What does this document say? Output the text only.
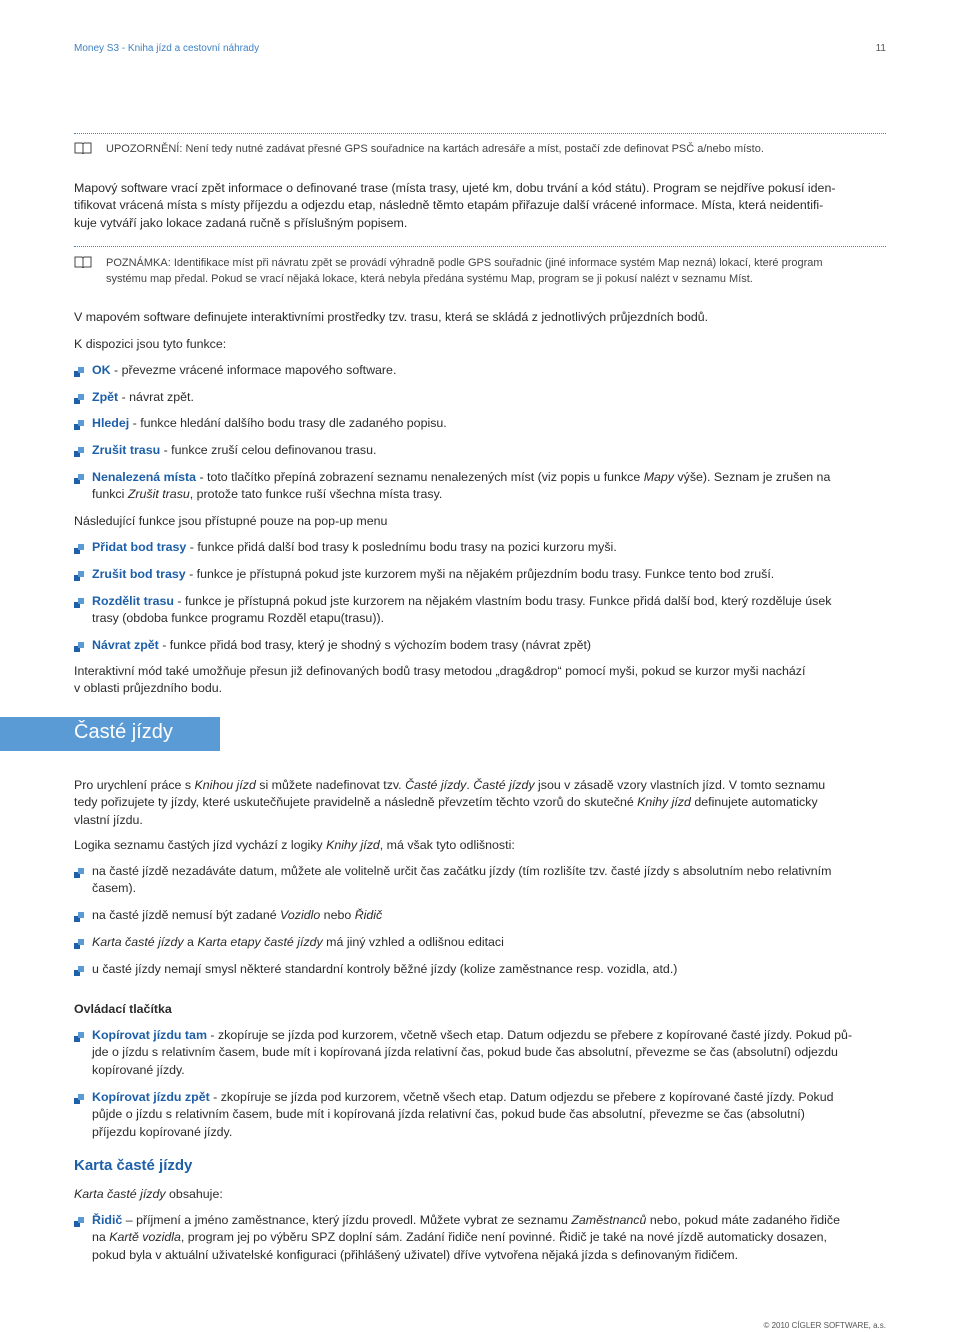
Money S3 - Kniha jízd a cestovní náhrady	11
UPOZORNĚNÍ: Není tedy nutné zadávat přesné GPS souřadnice na kartách adresáře a míst, postačí zde definovat PSČ a/nebo místo.
Mapový software vrací zpět informace o definované trase (místa trasy, ujeté km, dobu trvání a kód státu). Program se nejdříve pokusí iden-
tifikovat vrácená místa s místy příjezdu a odjezdu etap, následně těmto etapám přiřazuje další vrácené informace. Místa, která neidentifi-
kuje vytváří jako lokace zadaná ručně s příslušným popisem.
POZNÁMKA: Identifikace míst při návratu zpět se provádí výhradně podle GPS souřadnic (jiné informace systém Map nezná) lokací, které program
systému map předal. Pokud se vrací nějaká lokace, která nebyla předána systému Map, program se ji pokusí nalézt v seznamu Míst.
V mapovém software definujete interaktivními prostředky tzv. trasu, která se skládá z jednotlivých průjezdních bodů.
K dispozici jsou tyto funkce:
OK - převezme vrácené informace mapového software.
Zpět - návrat zpět.
Hledej - funkce hledání dalšího bodu trasy dle zadaného popisu.
Zrušit trasu - funkce zruší celou definovanou trasu.
Nenalezená místa - toto tlačítko přepíná zobrazení seznamu nenalezených míst (viz popis u funkce Mapy výše). Seznam je zrušen na
funkci Zrušit trasu, protože tato funkce ruší všechna místa trasy.
Následující funkce jsou přístupné pouze na pop-up menu
Přidat bod trasy - funkce přidá další bod trasy k poslednímu bodu trasy na pozici kurzoru myši.
Zrušit bod trasy - funkce je přístupná pokud jste kurzorem myši na nějakém průjezdním bodu trasy. Funkce tento bod zruší.
Rozdělit trasu - funkce je přístupná pokud jste kurzorem na nějakém vlastním bodu trasy. Funkce přidá další bod, který rozděluje úsek
trasy (obdoba funkce programu Rozděl etapu(trasu)).
Návrat zpět - funkce přidá bod trasy, který je shodný s výchozím bodem trasy (návrat zpět)
Interaktivní mód také umožňuje přesun již definovaných bodů trasy metodou „drag&drop“ pomocí myši, pokud se kurzor myši nachází
v oblasti průjezdního bodu.
Časté jízdy
Pro urychlení práce s Knihou jízd si můžete nadefinovat tzv. Časté jízdy. Časté jízdy jsou v zásadě vzory vlastních jízd. V tomto seznamu
tedy pořizujete ty jízdy, které uskutečňujete pravidelně a následně převzetím těchto vzorů do skutečné Knihy jízd definujete automaticky
vlastní jízdu.
Logika seznamu častých jízd vychází z logiky Knihy jízd, má však tyto odlišnosti:
na časté jízdě nezadáváte datum, můžete ale volitelně určit čas začátku jízdy (tím rozlišíte tzv. časté jízdy s absolutním nebo relativním
časem).
na časté jízdě nemusí být zadané Vozidlo nebo Řidič
Karta časté jízdy a Karta etapy časté jízdy má jiný vzhled a odlišnou editaci
u časté jízdy nemají smysl některé standardní kontroly běžné jízdy (kolize zaměstnance resp. vozidla, atd.)
Ovládací tlačítka
Kopírovat jízdu tam - zkopíruje se jízda pod kurzorem, včetně všech etap. Datum odjezdu se přebere z kopírované časté jízdy. Pokud pů-
jde o jízdu s relativním časem, bude mít i kopírovaná jízda relativní čas, pokud bude čas absolutní, převezme se čas (absolutní) odjezdu
kopírované jízdy.
Kopírovat jízdu zpět - zkopíruje se jízda pod kurzorem, včetně všech etap. Datum odjezdu se přebere z kopírované časté jízdy. Pokud
půjde o jízdu s relativním časem, bude mít i kopírovaná jízda relativní čas, pokud bude čas absolutní, převezme se čas (absolutní)
příjezdu kopírované jízdy.
Karta časté jízdy
Karta časté jízdy obsahuje:
Řidič – příjmení a jméno zaměstnance, který jízdu provedl. Můžete vybrat ze seznamu Zaměstnanců nebo, pokud máte zadaného řidiče
na Kartě vozidla, program jej po výběru SPZ doplní sám. Zadání řidiče není povinné. Řidič je také na nové jízdě automaticky dosazen,
pokud byla v aktuální uživatelské konfiguraci (přihlášený uživatel) dříve vytvořena nějaká jízda s definovaným řidičem.
© 2010 CÍGLER SOFTWARE, a.s.
